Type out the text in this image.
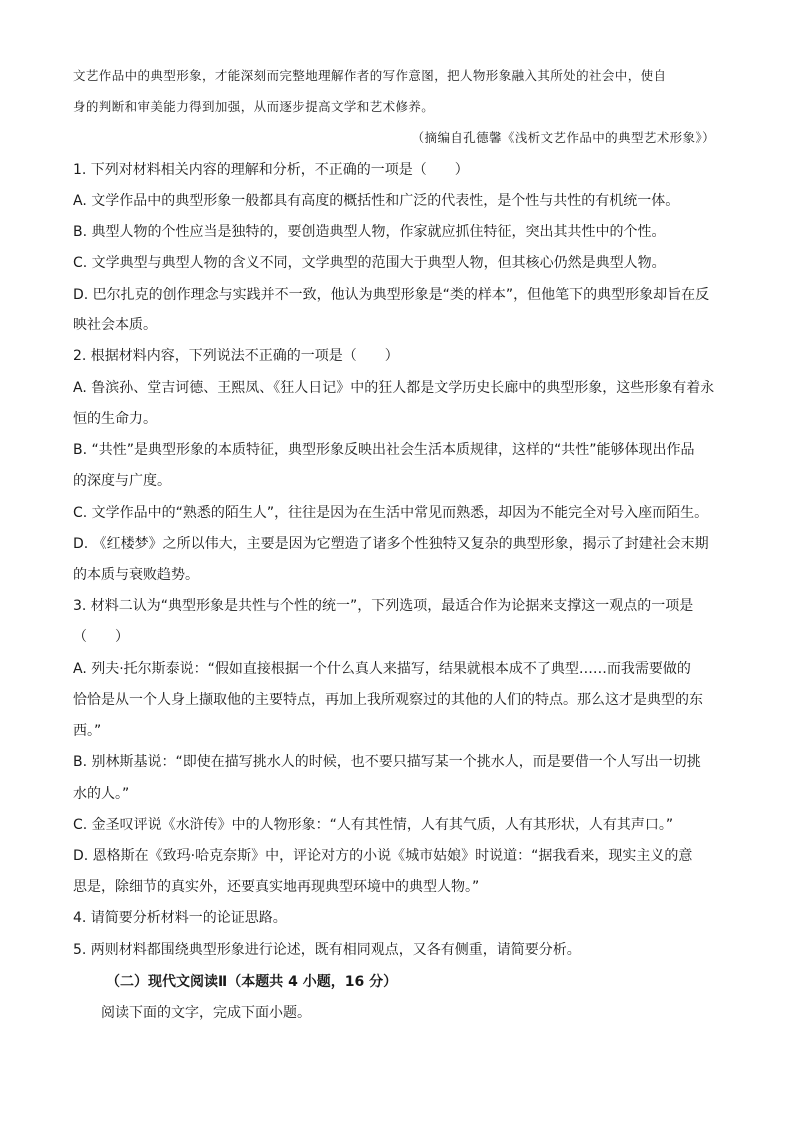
文艺作品中的典型形象，才能深刻而完整地理解作者的写作意图，把人物形象融入其所处的社会中，使自
身的判断和审美能力得到加强，从而逐步提高文学和艺术修养。
（摘编自孔德馨《浅析文艺作品中的典型艺术形象》）
1. 下列对材料相关内容的理解和分析，不正确的一项是（　　）
A. 文学作品中的典型形象一般都具有高度的概括性和广泛的代表性，是个性与共性的有机统一体。
B. 典型人物的个性应当是独特的，要创造典型人物，作家就应抓住特征，突出其共性中的个性。
C. 文学典型与典型人物的含义不同，文学典型的范围大于典型人物，但其核心仍然是典型人物。
D. 巴尔扎克的创作理念与实践并不一致，他认为典型形象是“类的样本”，但他笔下的典型形象却旨在反
映社会本质。
2. 根据材料内容，下列说法不正确的一项是（　　）
A. 鲁滨孙、堂吉诃德、王熙凤、《狂人日记》中的狂人都是文学历史长廊中的典型形象，这些形象有着永
恒的生命力。
B. “共性”是典型形象的本质特征，典型形象反映出社会生活本质规律，这样的“共性”能够体现出作品
的深度与广度。
C. 文学作品中的“熟悉的陌生人”，往往是因为在生活中常见而熟悉，却因为不能完全对号入座而陌生。
D. 《红楼梦》之所以伟大，主要是因为它塑造了诸多个性独特又复杂的典型形象，揭示了封建社会末期
的本质与衰败趋势。
3. 材料二认为“典型形象是共性与个性的统一”，下列选项，最适合作为论据来支撑这一观点的一项是
（　　）
A. 列夫·托尔斯泰说：“假如直接根据一个什么真人来描写，结果就根本成不了典型……而我需要做的
恰恰是从一个人身上撷取他的主要特点，再加上我所观察过的其他的人们的特点。那么这才是典型的东
西。”
B. 别林斯基说：“即使在描写挑水人的时候，也不要只描写某一个挑水人，而是要借一个人写出一切挑
水的人。”
C. 金圣叹评说《水浒传》中的人物形象：“人有其性情，人有其气质，人有其形状，人有其声口。”
D. 恩格斯在《致玛·哈克奈斯》中，评论对方的小说《城市姑娘》时说道：“据我看来，现实主义的意
思是，除细节的真实外，还要真实地再现典型环境中的典型人物。”
4. 请简要分析材料一的论证思路。
5. 两则材料都围绕典型形象进行论述，既有相同观点，又各有侧重，请简要分析。
（二）现代文阅读Ⅱ（本题共 4 小题，16 分）
阅读下面的文字，完成下面小题。
